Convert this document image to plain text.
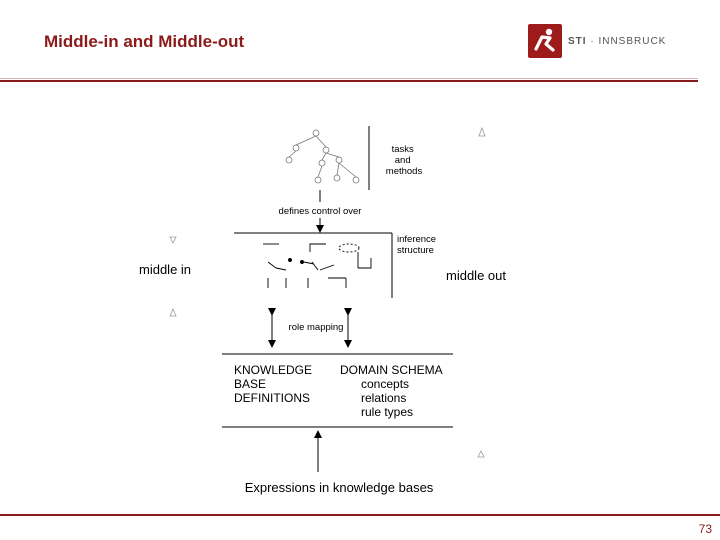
Middle-in and Middle-out	STI · INNSBRUCK
tasks and methods
defines control over
inference structure
middle in	middle out
role mapping
KNOWLEDGE
BASE
DEFINITIONS
DOMAIN SCHEMA
concepts
relations
rule types
Expressions in knowledge bases
73
